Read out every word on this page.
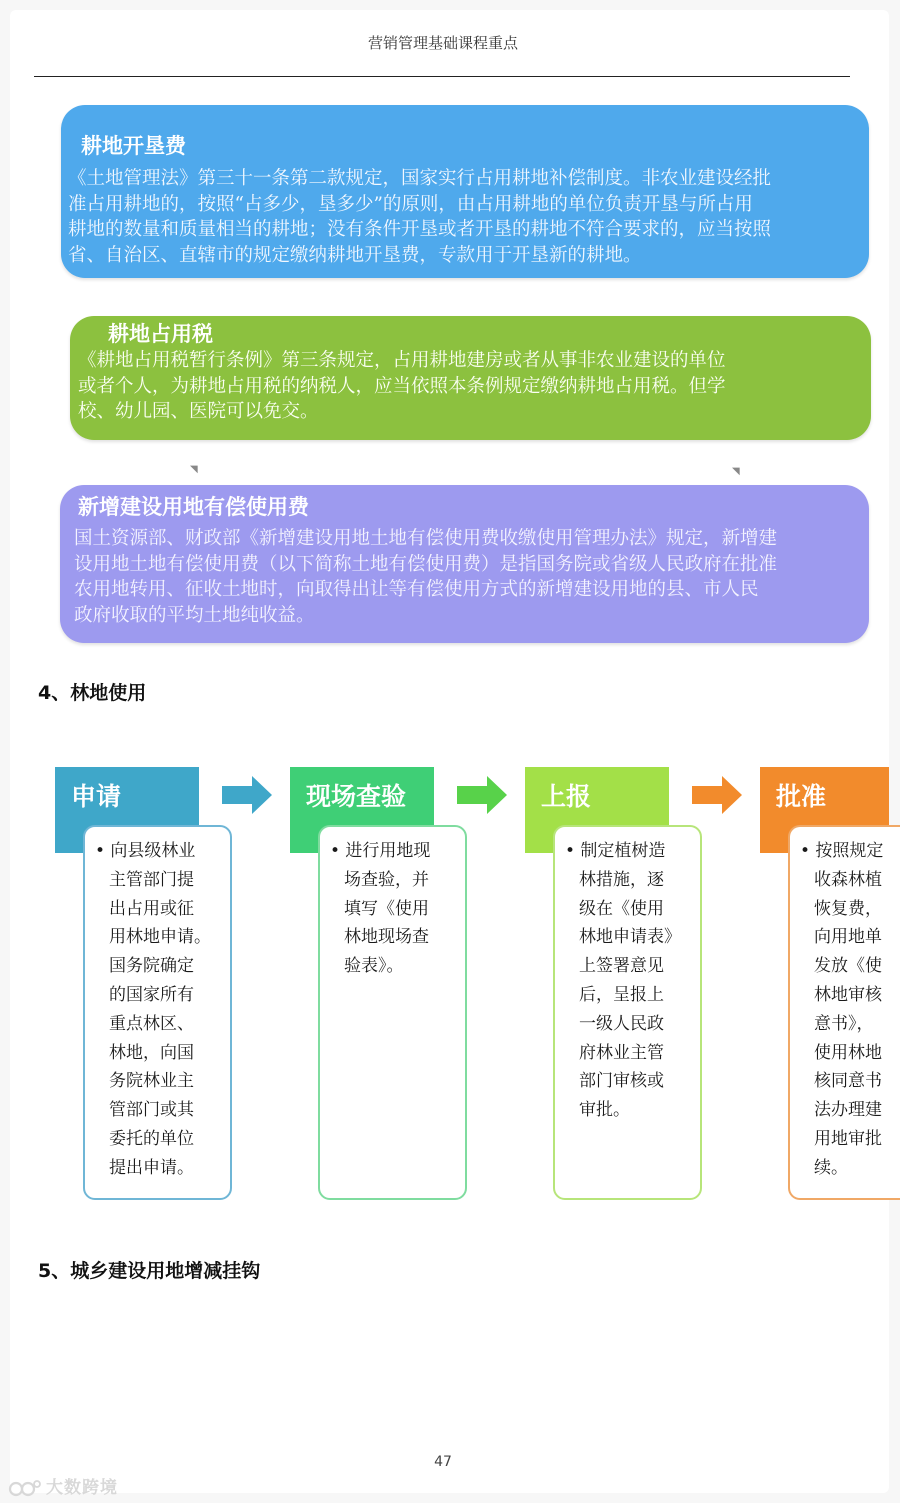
营销管理基础课程重点
耕地开垦费
《土地管理法》第三十一条第二款规定，国家实行占用耕地补偿制度。非农业建设经批
准占用耕地的，按照“占多少，垦多少”的原则，由占用耕地的单位负责开垦与所占用
耕地的数量和质量相当的耕地；没有条件开垦或者开垦的耕地不符合要求的，应当按照
省、自治区、直辖市的规定缴纳耕地开垦费，专款用于开垦新的耕地。
耕地占用税
《耕地占用税暂行条例》第三条规定，占用耕地建房或者从事非农业建设的单位
或者个人，为耕地占用税的纳税人，应当依照本条例规定缴纳耕地占用税。但学
校、幼儿园、医院可以免交。
◥	◥
新增建设用地有偿使用费
国土资源部、财政部《新增建设用地土地有偿使用费收缴使用管理办法》规定，新增建
设用地土地有偿使用费（以下简称土地有偿使用费）是指国务院或省级人民政府在批准
农用地转用、征收土地时，向取得出让等有偿使用方式的新增建设用地的县、市人民
政府收取的平均土地纯收益。
4、林地使用
申请
• 向县级林业
主管部门提
出占用或征
用林地申请。
国务院确定
的国家所有
重点林区、
林地，向国
务院林业主
管部门或其
委托的单位
提出申请。
现场查验
• 进行用地现
场查验，并
填写《使用
林地现场查
验表》。
上报
• 制定植树造
林措施，逐
级在《使用
林地申请表》
上签署意见
后，呈报上
一级人民政
府林业主管
部门审核或
审批。
批准
• 按照规定
收森林植
恢复费，
向用地单
发放《使
林地审核
意书》，
使用林地
核同意书
法办理建
用地审批
续。
5、城乡建设用地增减挂钩
47
大数跨境
